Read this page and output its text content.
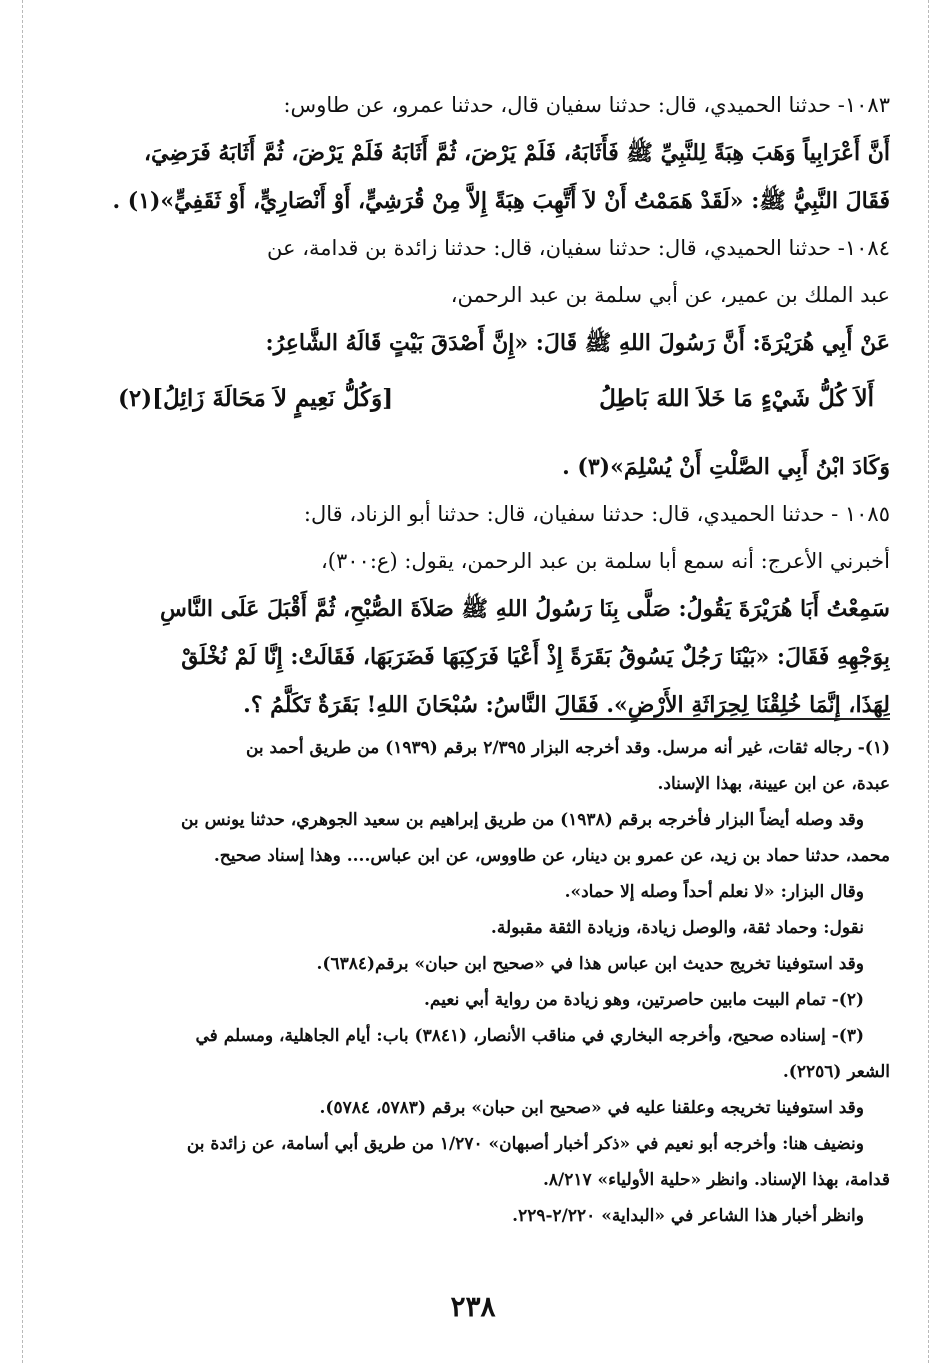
١٠٨٣- حدثنا الحميدي، قال: حدثنا سفيان قال، حدثنا عمرو، عن طاوس:

أَنَّ أَعْرَابِياً وَهَبَ هِبَةً لِلنَّبِيِّ ﷺ فَأَثَابَهُ، فَلَمْ يَرْضَ، ثُمَّ أَثَابَهُ فَلَمْ يَرْضَ، ثُمَّ أَثَابَهُ فَرَضِيَ،

فَقَالَ النَّبِيُّ ﷺ: «لَقَدْ هَمَمْتُ أَنْ لاَ أَتَّهِبَ هِبَةً إِلاَّ مِنْ قُرَشِيٍّ، أَوْ أَنْصَارِيٍّ، أَوْ ثَقَفِيٍّ»(١) .

١٠٨٤- حدثنا الحميدي، قال: حدثنا سفيان، قال: حدثنا زائدة بن قدامة، عن

عبد الملك بن عمير، عن أبي سلمة بن عبد الرحمن،

عَنْ أَبِي هُرَيْرَةَ: أَنَّ رَسُولَ اللهِ ﷺ قَالَ: «إِنَّ أَصْدَقَ بَيْتٍ قَالَهُ الشَّاعِرُ:

أَلاَ كُلُّ شَيْءٍ مَا خَلاَ اللهَ بَاطِلُ
[وَكُلُّ نَعِيمٍ لاَ مَحَالَةَ زَائِلُ](٢)

وَكَادَ ابْنُ أَبِي الصَّلْتِ أَنْ يُسْلِمَ»(٣) .

١٠٨٥ - حدثنا الحميدي، قال: حدثنا سفيان، قال: حدثنا أبو الزناد، قال:

أخبرني الأعرج: أنه سمع أبا سلمة بن عبد الرحمن، يقول: (ع:٣٠٠)،

سَمِعْتُ أَبَا هُرَيْرَةَ يَقُولُ: صَلَّى بِنَا رَسُولُ اللهِ ﷺ صَلاَةَ الصُّبْحِ، ثُمَّ أَقْبَلَ عَلَى النَّاسِ

بِوَجْهِهِ فَقَالَ: «بَيْنَا رَجُلٌ يَسُوقُ بَقَرَةً إِذْ أَعْيَا فَرَكِبَهَا فَضَرَبَهَا، فَقَالَتْ: إِنَّا لَمْ نُخْلَقْ

لِهَذَا، إِنَّمَا خُلِقْنَا لِحِرَاثَةِ الأَرْضِ». فَقَالَ النَّاسُ: سُبْحَانَ اللهِ! بَقَرَةٌ تَكَلَّمُ ؟.

(١)- رجاله ثقات، غير أنه مرسل. وقد أخرجه البزار ٢/٣٩٥ برقم (١٩٣٩) من طريق أحمد بن

عبدة، عن ابن عيينة، بهذا الإسناد.

وقد وصله أيضاً البزار فأخرجه برقم (١٩٣٨) من طريق إبراهيم بن سعيد الجوهري، حدثنا يونس بن

محمد، حدثنا حماد بن زيد، عن عمرو بن دينار، عن طاووس، عن ابن عباس.... وهذا إسناد صحيح.

وقال البزار: «لا نعلم أحداً وصله إلا حماد».

نقول: وحماد ثقة، والوصل زيادة، وزيادة الثقة مقبولة.

وقد استوفينا تخريج حديث ابن عباس هذا في «صحيح ابن حبان» برقم(٦٣٨٤).

(٢)- تمام البيت مابين حاصرتين، وهو زيادة من رواية أبي نعيم.

(٣)- إسناده صحيح، وأخرجه البخاري في مناقب الأنصار، (٣٨٤١) باب: أيام الجاهلية، ومسلم في

الشعر (٢٢٥٦).

وقد استوفينا تخريجه وعلقنا عليه في «صحيح ابن حبان» برقم (٥٧٨٣، ٥٧٨٤).

ونضيف هنا: وأخرجه أبو نعيم في «ذكر أخبار أصبهان» ١/٢٧٠ من طريق أبي أسامة، عن زائدة بن

قدامة، بهذا الإسناد. وانظر «حلية الأولياء» ٨/٢١٧.

وانظر أخبار هذا الشاعر في «البداية» ٢/٢٢٠-٢٢٩.

٢٣٨
